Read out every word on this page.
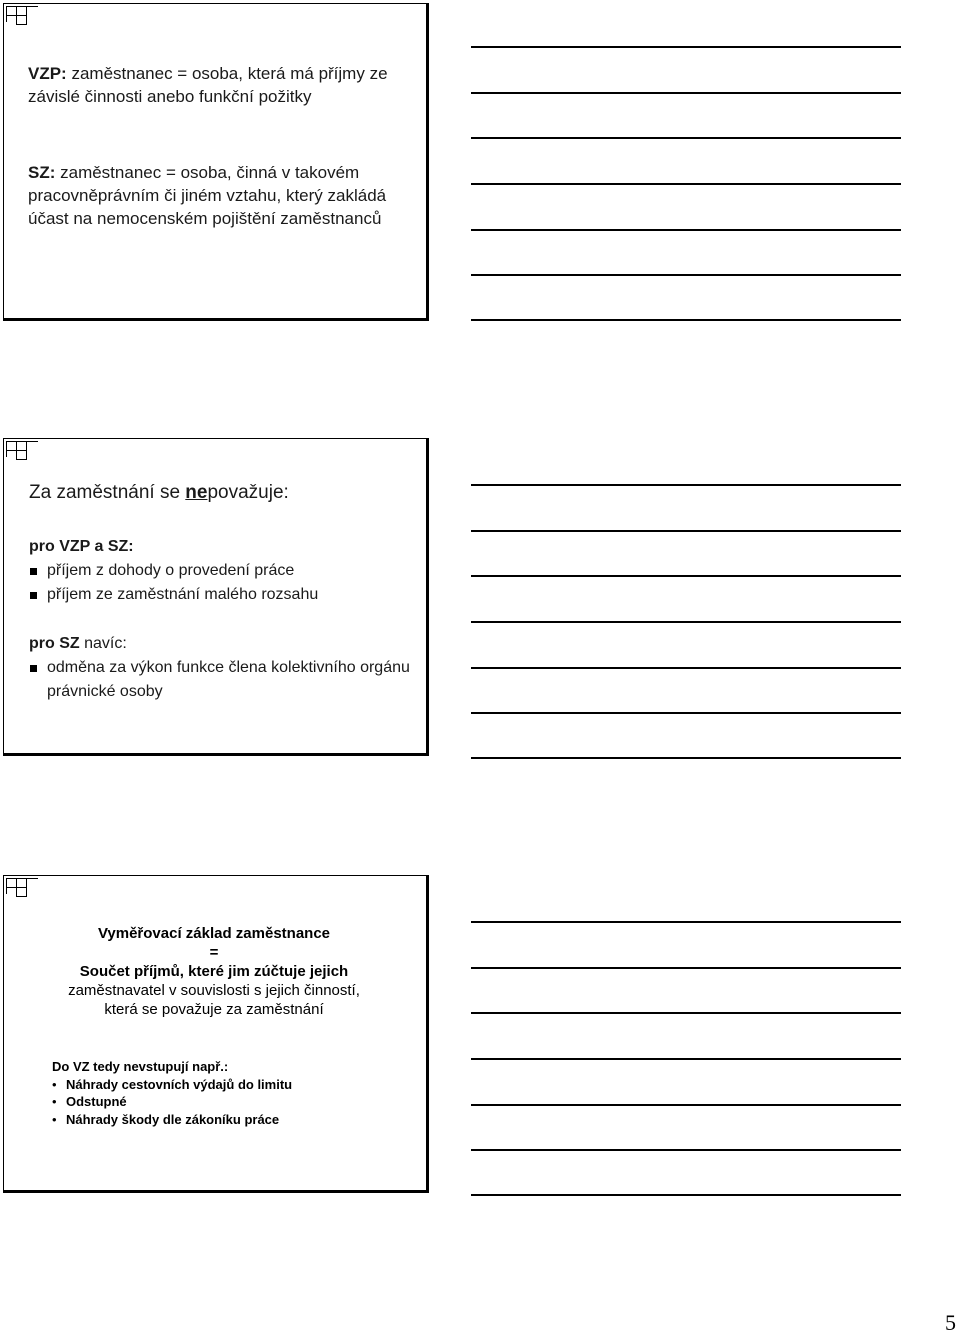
VZP: zaměstnanec = osoba, která má příjmy ze závislé činnosti anebo funkční požitky
SZ: zaměstnanec = osoba, činná v takovém pracovněprávním či jiném vztahu, který zakládá účast na nemocenském pojištění zaměstnanců
Za zaměstnání se nepovažuje:
pro VZP a SZ:
příjem z dohody o provedení práce
příjem ze zaměstnání malého rozsahu
pro SZ navíc:
odměna za výkon funkce člena kolektivního orgánu právnické osoby
Vyměřovací základ zaměstnance
=
Součet příjmů, které jim zúčtuje jejich
zaměstnavatel v souvislosti s jejich činností,
která se považuje za zaměstnání
Do VZ tedy nevstupují např.:
• Náhrady cestovních výdajů do limitu
• Odstupné
• Náhrady škody dle zákoníku práce
5
